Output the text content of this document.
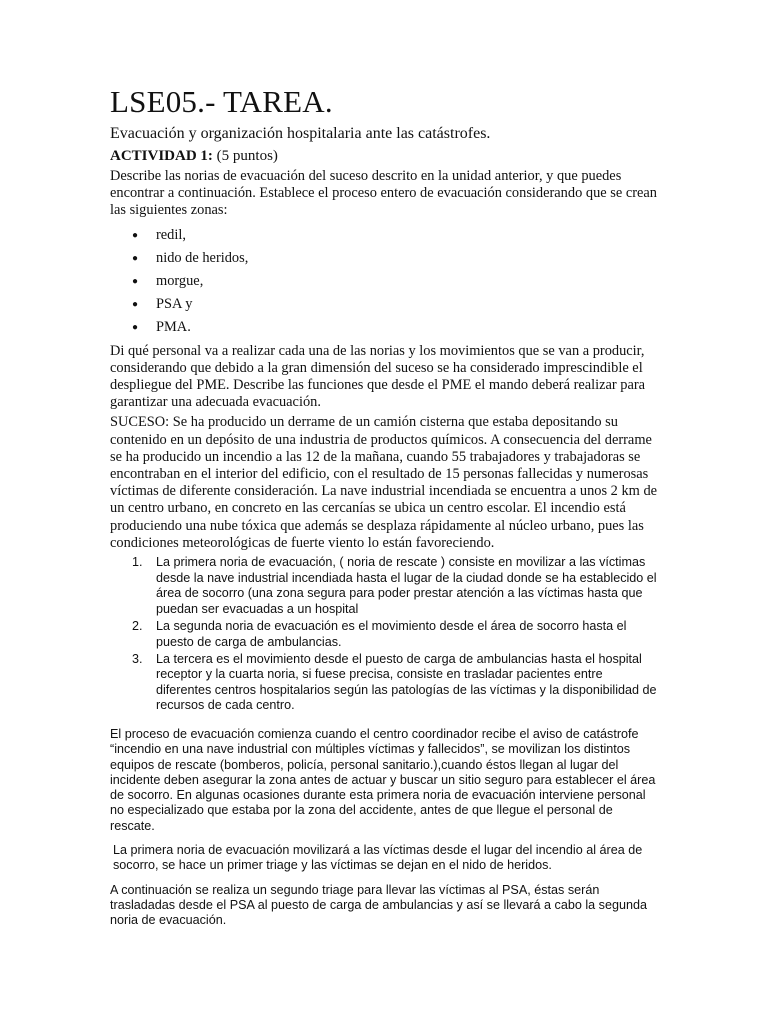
LSE05.- TAREA.
Evacuación y organización hospitalaria ante las catástrofes.
ACTIVIDAD 1: (5 puntos)

Describe las norias de evacuación del suceso descrito en la unidad anterior, y que puedes encontrar a continuación. Establece el proceso entero de evacuación considerando que se crean las siguientes zonas:

● redil,
● nido de heridos,
● morgue,
● PSA y
● PMA.

Di qué personal va a realizar cada una de las norias y los movimientos que se van a producir, considerando que debido a la gran dimensión del suceso se ha considerado imprescindible el despliegue del PME. Describe las funciones que desde el PME el mando deberá realizar para garantizar una adecuada evacuación.

SUCESO: Se ha producido un derrame de un camión cisterna que estaba depositando su contenido en un depósito de una industria de productos químicos. A consecuencia del derrame se ha producido un incendio a las 12 de la mañana, cuando 55 trabajadores y trabajadoras se encontraban en el interior del edificio, con el resultado de 15 personas fallecidas y numerosas víctimas de diferente consideración. La nave industrial incendiada se encuentra a unos 2 km de un centro urbano, en concreto en las cercanías se ubica un centro escolar. El incendio está produciendo una nube tóxica que además se desplaza rápidamente al núcleo urbano, pues las condiciones meteorológicas de fuerte viento lo están favoreciendo.

1. La primera noria de evacuación, ( noria de rescate ) consiste en movilizar a las víctimas desde la nave industrial incendiada hasta el lugar de la ciudad donde se ha establecido el área de socorro (una zona segura para poder prestar atención a las víctimas hasta que puedan ser evacuadas a un hospital
2. La segunda noria de evacuación es el movimiento desde el área de socorro hasta el puesto de carga de ambulancias.
3. La tercera es el movimiento desde el puesto de carga de ambulancias hasta el hospital receptor y la cuarta noria, si fuese precisa, consiste en trasladar pacientes entre diferentes centros hospitalarios según las patologías de las víctimas y la disponibilidad de recursos de cada centro.

El proceso de evacuación comienza cuando el centro coordinador recibe el aviso de catástrofe “incendio en una nave industrial con múltiples víctimas y fallecidos”, se movilizan los distintos equipos de rescate (bomberos, policía, personal sanitario.),cuando éstos llegan al lugar del incidente deben asegurar la zona antes de actuar y buscar un sitio seguro para establecer el área de socorro. En algunas ocasiones durante esta primera noria de evacuación interviene personal no especializado que estaba por la zona del accidente, antes de que llegue el personal de rescate.

La primera noria de evacuación movilizará a las víctimas desde el lugar del incendio al área de socorro, se hace un primer triage y las víctimas se dejan en el nido de heridos.

A continuación se realiza un segundo triage para llevar las víctimas al PSA, éstas serán trasladadas desde el PSA al puesto de carga de ambulancias y así se llevará a cabo la segunda noria de evacuación.
